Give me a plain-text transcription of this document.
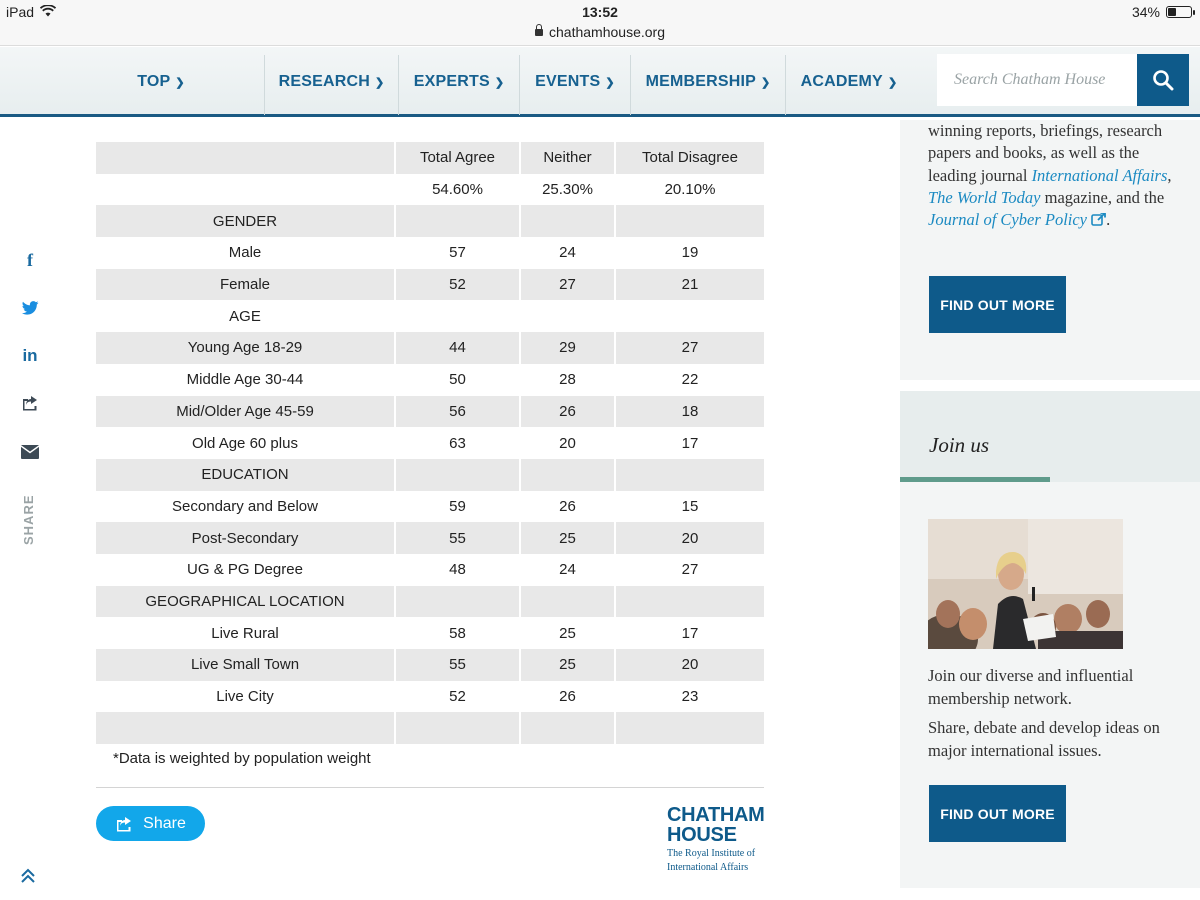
iPad	13:52	34%
chathamhouse.org
TOP ❯	RESEARCH ❯ EXPERTS ❯ EVENTS ❯ MEMBERSHIP ❯ ACADEMY ❯	Search Chatham House
f
in
SHARE
	Total Agree	Neither	Total Disagree
	54.60%	25.30%	20.10%
GENDER			
Male	57	24	19
Female	52	27	21
AGE			
Young Age 18-29	44	29	27
Middle Age 30-44	50	28	22
Mid/Older Age 45-59	56	26	18
Old Age 60 plus	63	20	17
EDUCATION			
Secondary and Below	59	26	15
Post-Secondary	55	25	20
UG & PG Degree	48	24	27
GEOGRAPHICAL LOCATION			
Live Rural	58	25	17
Live Small Town	55	25	20
Live City	52	26	23

*Data is weighted by population weight
Share	CHATHAM
HOUSE
The Royal Institute of
International Affairs
winning reports, briefings, research papers and books, as well as the leading journal International Affairs, The World Today magazine, and the Journal of Cyber Policy .
FIND OUT MORE
Join us
Join our diverse and influential membership network.
Share, debate and develop ideas on major international issues.
FIND OUT MORE
